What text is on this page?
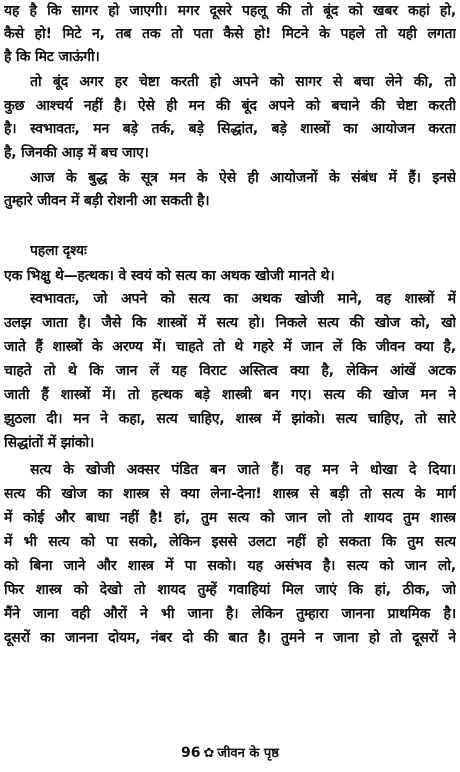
यह है कि सागर हो जाएगी। मगर दूसरे पहलू की तो बूंद को खबर कहां हो,
कैसे हो! मिटे न, तब तक तो पता कैसे हो! मिटने के पहले तो यही लगता
है कि मिट जाऊंगी।
तो बूंद अगर हर चेष्टा करती हो अपने को सागर से बचा लेने की, तो
कुछ आश्चर्य नहीं है। ऐसे ही मन की बूंद अपने को बचाने की चेष्टा करती
है। स्वभावतः, मन बड़े तर्क, बड़े सिद्धांत, बड़े शास्त्रों का आयोजन करता
है, जिनकी आड़ में बच जाए।
आज के बुद्ध के सूत्र मन के ऐसे ही आयोजनों के संबंध में हैं। इनसे
तुम्हारे जीवन में बड़ी रोशनी आ सकती है।
पहला दृश्यः
एक भिक्षु थे—हत्थक। वे स्वयं को सत्य का अथक खोजी मानते थे।
स्वभावतः, जो अपने को सत्य का अथक खोजी माने, वह शास्त्रों में
उलझ जाता है। जैसे कि शास्त्रों में सत्य हो। निकले सत्य की खोज को, खो
जाते हैं शास्त्रों के अरण्य में। चाहते तो थे गहरे में जान लें कि जीवन क्या है,
चाहते तो थे कि जान लें यह विराट अस्तित्व क्या है, लेकिन आंखें अटक
जाती हैं शास्त्रों में। तो हत्थक बड़े शास्त्री बन गए। सत्य की खोज मन ने
झुठला दी। मन ने कहा, सत्य चाहिए, शास्त्र में झांको। सत्य चाहिए, तो सारे
सिद्धांतों में झांको।
सत्य के खोजी अक्सर पंडित बन जाते हैं। वह मन ने धोखा दे दिया।
सत्य की खोज का शास्त्र से क्या लेना-देना! शास्त्र से बड़ी तो सत्य के मार्ग
में कोई और बाधा नहीं है! हां, तुम सत्य को जान लो तो शायद तुम शास्त्र
में भी सत्य को पा सको, लेकिन इससे उलटा नहीं हो सकता कि तुम सत्य
को बिना जाने और शास्त्र में पा सको। यह असंभव है। सत्य को जान लो,
फिर शास्त्र को देखो तो शायद तुम्हें गवाहियां मिल जाएं कि हां, ठीक, जो
मैंने जाना वही औरों ने भी जाना है। लेकिन तुम्हारा जानना प्राथमिक है।
दूसरों का जानना दोयम, नंबर दो की बात है। तुमने न जाना हो तो दूसरों ने
96 ✿ जीवन के पृष्ठ
